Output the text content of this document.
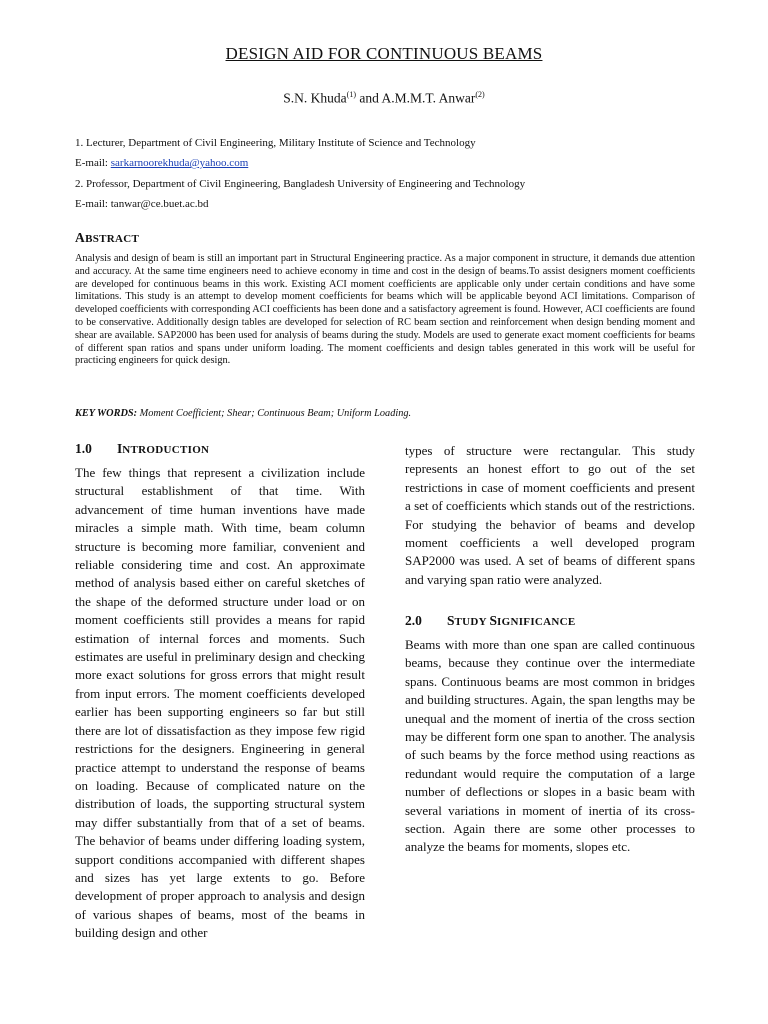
DESIGN AID FOR CONTINUOUS BEAMS
S.N. Khuda$^{(1)}$ and A.M.M.T. Anwar$^{(2)}$
1. Lecturer, Department of Civil Engineering, Military Institute of Science and Technology
E-mail: sarkarnoorekhuda@yahoo.com
2. Professor, Department of Civil Engineering, Bangladesh University of Engineering and Technology
E-mail: tanwar@ce.buet.ac.bd
ABSTRACT

Analysis and design of beam is still an important part in Structural Engineering practice. As a major component in structure, it demands due attention and accuracy. At the same time engineers need to achieve economy in time and cost in the design of beams.To assist designers moment coefficients are developed for continuous beams in this work. Existing ACI moment coefficients are applicable only under certain conditions and have some limitations. This study is an attempt to develop moment coefficients for beams which will be applicable beyond ACI limitations. Comparison of developed coefficients with corresponding ACI coefficients has been done and a satisfactory agreement is found. However, ACI coefficients are found to be conservative. Additionally design tables are developed for selection of RC beam section and reinforcement when design bending moment and shear are available. SAP2000 has been used for analysis of beams during the study. Models are used to generate exact moment coefficients for beams of different span ratios and spans under uniform loading. The moment coefficients and design tables generated in this work will be useful for practicing engineers for quick design.

KEY WORDS: Moment Coefficient; Shear; Continuous Beam; Uniform Loading.
1.0 INTRODUCTION

The few things that represent a civilization include structural establishment of that time. With advancement of time human inventions have made miracles a simple math. With time, beam column structure is becoming more familiar, convenient and reliable considering time and cost. An approximate method of analysis based either on careful sketches of the shape of the deformed structure under load or on moment coefficients still provides a means for rapid estimation of internal forces and moments. Such estimates are useful in preliminary design and checking more exact solutions for gross errors that might result from input errors. The moment coefficients developed earlier has been supporting engineers so far but still there are lot of dissatisfaction as they impose few rigid restrictions for the designers. Engineering in general practice attempt to understand the response of beams on loading. Because of complicated nature on the distribution of loads, the supporting structural system may differ substantially from that of a set of beams. The behavior of beams under differing loading system, support conditions accompanied with different shapes and sizes has yet large extents to go. Before development of proper approach to analysis and design of various shapes of beams, most of the beams in building design and other

types of structure were rectangular. This study represents an honest effort to go out of the set restrictions in case of moment coefficients and present a set of coefficients which stands out of the restrictions. For studying the behavior of beams and develop moment coefficients a well developed program SAP2000 was used. A set of beams of different spans and varying span ratio were analyzed.

2.0 STUDY SIGNIFICANCE

Beams with more than one span are called continuous beams, because they continue over the intermediate spans. Continuous beams are most common in bridges and building structures. Again, the span lengths may be unequal and the moment of inertia of the cross section may be different form one span to another. The analysis of such beams by the force method using reactions as redundant would require the computation of a large number of deflections or slopes in a basic beam with several variations in moment of inertia of its cross-section. Again there are some other processes to analyze the beams for moments, slopes etc.
